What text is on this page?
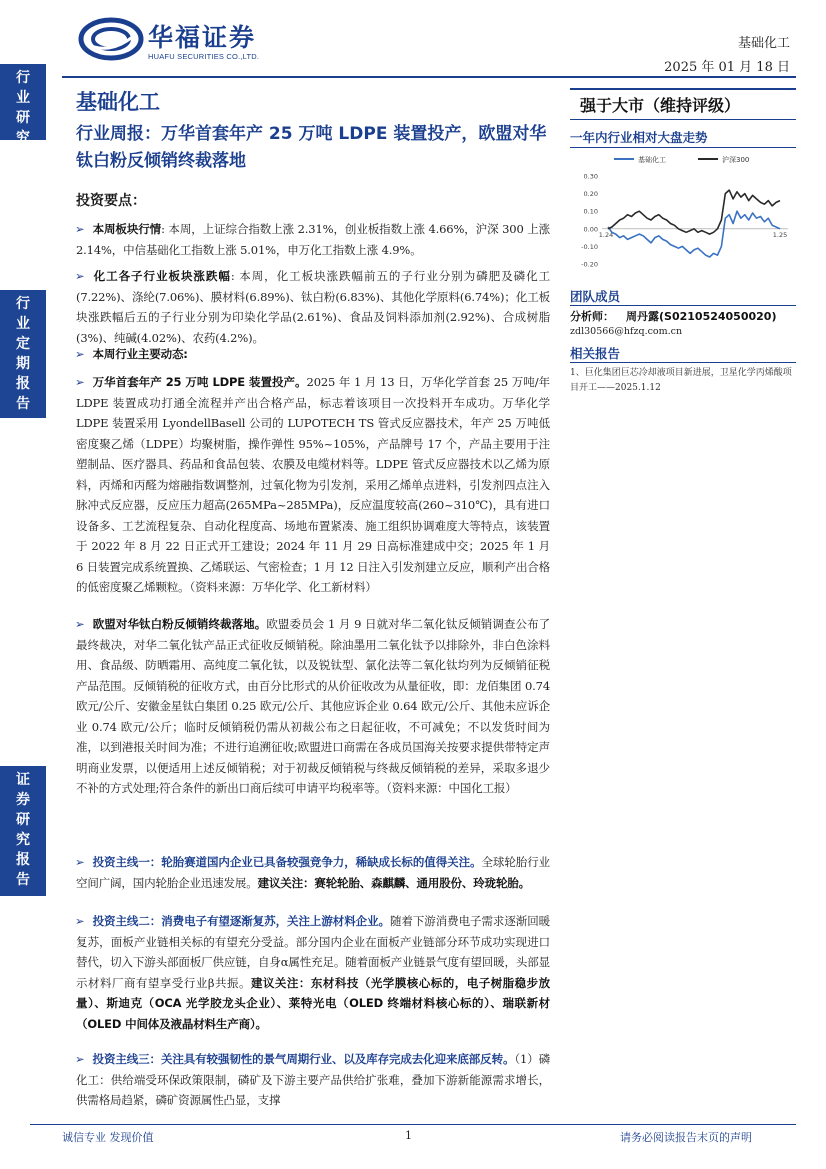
华福证券
HUAFU SECURITIES CO.,LTD.
基础化工
2025 年 01 月 18 日
行
业
研
究
行
业
定
期
报
告
证
券
研
究
报
告
基础化工
行业周报：万华首套年产 25 万吨 LDPE 装置投产，欧盟对华钛白粉反倾销终裁落地
投资要点：
➢ 本周板块行情: 本周，上证综合指数上涨 2.31%，创业板指数上涨 4.66%，沪深 300 上涨 2.14%，中信基础化工指数上涨 5.01%，申万化工指数上涨 4.9%。
➢ 化工各子行业板块涨跌幅: 本周，化工板块涨跌幅前五的子行业分别为磷肥及磷化工(7.22%)、涤纶(7.06%)、膜材料(6.89%)、钛白粉(6.83%)、其他化学原料(6.74%)；化工板块涨跌幅后五的子行业分别为印染化学品(2.61%)、食品及饲料添加剂(2.92%)、合成树脂(3%)、纯碱(4.02%)、农药(4.2%)。
➢ 本周行业主要动态:
➢ 万华首套年产 25 万吨 LDPE 装置投产。2025 年 1 月 13 日，万华化学首套 25 万吨/年 LDPE 装置成功打通全流程并产出合格产品，标志着该项目一次投料开车成功。万华化学 LDPE 装置采用 LyondellBasell 公司的 LUPOTECH TS 管式反应器技术，年产 25 万吨低密度聚乙烯（LDPE）均聚树脂，操作弹性 95%~105%，产品牌号 17 个，产品主要用于注塑制品、医疗器具、药品和食品包装、农膜及电缆材料等。LDPE 管式反应器技术以乙烯为原料，丙烯和丙醛为熔融指数调整剂，过氧化物为引发剂，采用乙烯单点进料，引发剂四点注入脉冲式反应器，反应压力超高(265MPa~285MPa)，反应温度较高(260~310℃)，具有进口设备多、工艺流程复杂、自动化程度高、场地布置紧凑、施工组织协调难度大等特点，该装置于 2022 年 8 月 22 日正式开工建设；2024 年 11 月 29 日高标准建成中交；2025 年 1 月 6 日装置完成系统置换、乙烯联运、气密检查；1 月 12 日注入引发剂建立反应，顺利产出合格的低密度聚乙烯颗粒。（资料来源：万华化学、化工新材料）
➢ 欧盟对华钛白粉反倾销终裁落地。欧盟委员会 1 月 9 日就对华二氧化钛反倾销调查公布了最终裁决，对华二氧化钛产品正式征收反倾销税。除油墨用二氧化钛予以排除外，非白色涂料用、食品级、防晒霜用、高纯度二氧化钛，以及锐钛型、氯化法等二氧化钛均列为反倾销征税产品范围。反倾销税的征收方式，由百分比形式的从价征收改为从量征收，即：龙佰集团 0.74 欧元/公斤、安徽金星钛白集团 0.25 欧元/公斤、其他应诉企业 0.64 欧元/公斤、其他未应诉企业 0.74 欧元/公斤；临时反倾销税仍需从初裁公布之日起征收，不可减免；不以发货时间为准，以到港报关时间为准；不进行追溯征收;欧盟进口商需在各成员国海关按要求提供带特定声明商业发票，以便适用上述反倾销税；对于初裁反倾销税与终裁反倾销税的差异，采取多退少不补的方式处理;符合条件的新出口商后续可申请平均税率等。（资料来源：中国化工报）
➢ 投资主线一：轮胎赛道国内企业已具备较强竞争力，稀缺成长标的值得关注。全球轮胎行业空间广阔，国内轮胎企业迅速发展。建议关注：赛轮轮胎、森麒麟、通用股份、玲珑轮胎。
➢ 投资主线二：消费电子有望逐渐复苏，关注上游材料企业。随着下游消费电子需求逐渐回暖复苏，面板产业链相关标的有望充分受益。部分国内企业在面板产业链部分环节成功实现进口替代，切入下游头部面板厂供应链，自身α属性充足。随着面板产业链景气度有望回暖，头部显示材料厂商有望享受行业β共振。建议关注：东材科技（光学膜核心标的，电子树脂稳步放量）、斯迪克（OCA 光学胶龙头企业）、莱特光电（OLED 终端材料核心标的）、瑞联新材（OLED 中间体及液晶材料生产商）。
➢ 投资主线三：关注具有较强韧性的景气周期行业、以及库存完成去化迎来底部反转。（1）磷化工：供给端受环保政策限制，磷矿及下游主要产品供给扩张难，叠加下游新能源需求增长，供需格局趋紧，磷矿资源属性凸显，支撑
强于大市（维持评级）
一年内行业相对大盘走势
基础化工	沪深300
0.30
0.20
0.10
0.00
-0.10
-0.20
1.24	1.25
团队成员
分析师： 周丹露(S0210524050020)
zdl30566@hfzq.com.cn
相关报告
1、巨化集团巨芯冷却液项目新进展，卫星化学丙烯酸项目开工——2025.1.12
诚信专业 发现价值	1	请务必阅读报告末页的声明
